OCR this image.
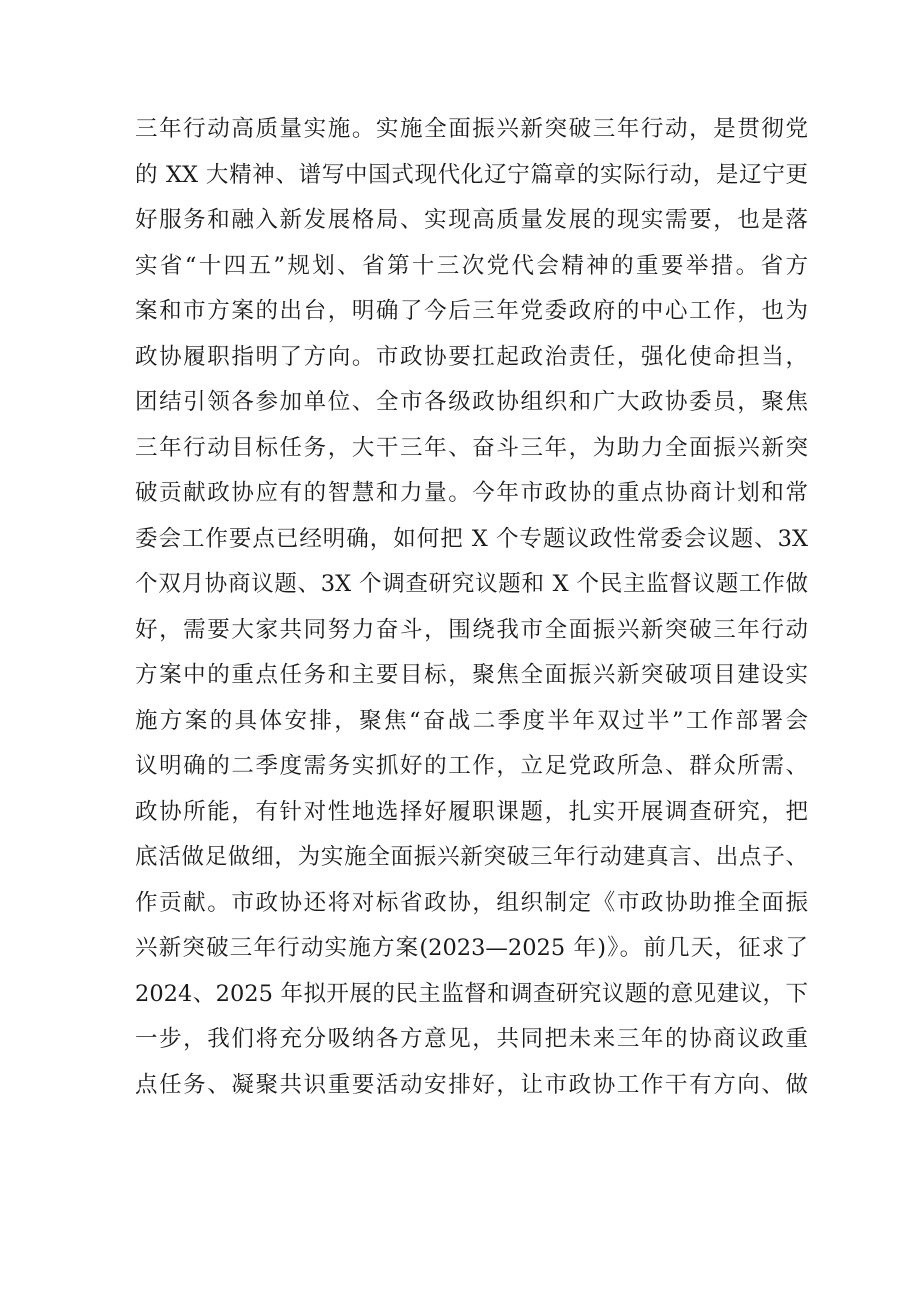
三年行动高质量实施。实施全面振兴新突破三年行动，是贯彻党
的 XX 大精神、谱写中国式现代化辽宁篇章的实际行动，是辽宁更
好服务和融入新发展格局、实现高质量发展的现实需要，也是落
实省“十四五”规划、省第十三次党代会精神的重要举措。省方
案和市方案的出台，明确了今后三年党委政府的中心工作，也为
政协履职指明了方向。市政协要扛起政治责任，强化使命担当，
团结引领各参加单位、全市各级政协组织和广大政协委员，聚焦
三年行动目标任务，大干三年、奋斗三年，为助力全面振兴新突
破贡献政协应有的智慧和力量。今年市政协的重点协商计划和常
委会工作要点已经明确，如何把 X 个专题议政性常委会议题、3X
个双月协商议题、3X 个调查研究议题和 X 个民主监督议题工作做
好，需要大家共同努力奋斗，围绕我市全面振兴新突破三年行动
方案中的重点任务和主要目标，聚焦全面振兴新突破项目建设实
施方案的具体安排，聚焦“奋战二季度半年双过半”工作部署会
议明确的二季度需务实抓好的工作，立足党政所急、群众所需、
政协所能，有针对性地选择好履职课题，扎实开展调查研究，把
底活做足做细，为实施全面振兴新突破三年行动建真言、出点子、
作贡献。市政协还将对标省政协，组织制定《市政协助推全面振
兴新突破三年行动实施方案(2023—2025 年)》。前几天，征求了
2024、2025 年拟开展的民主监督和调查研究议题的意见建议，下
一步，我们将充分吸纳各方意见，共同把未来三年的协商议政重
点任务、凝聚共识重要活动安排好，让市政协工作干有方向、做
